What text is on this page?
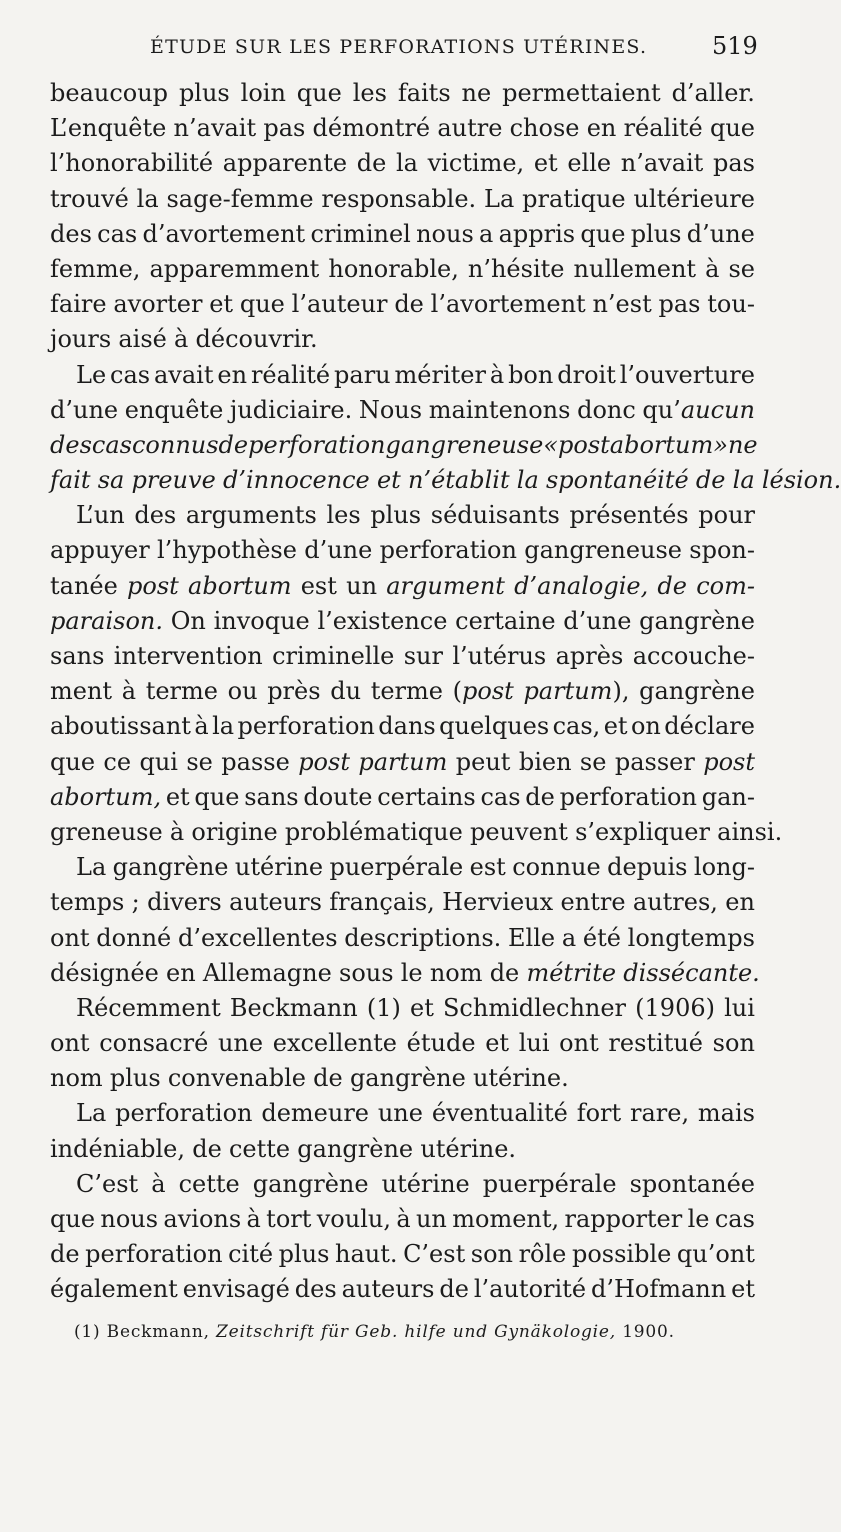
ÉTUDE SUR LES PERFORATIONS UTÉRINES.	519
beaucoup plus loin que les faits ne permettaient d’aller.
L’enquête n’avait pas démontré autre chose en réalité que
l’honorabilité apparente de la victime, et elle n’avait pas
trouvé la sage-femme responsable. La pratique ultérieure
des cas d’avortement criminel nous a appris que plus d’une
femme, apparemment honorable, n’hésite nullement à se
faire avorter et que l’auteur de l’avortement n’est pas tou-
jours aisé à découvrir.
Le cas avait en réalité paru mériter à bon droit l’ouverture
d’une enquête judiciaire. Nous maintenons donc qu’aucun
des cas connus de perforation gangreneuse « post abortum » ne
fait sa preuve d’innocence et n’établit la spontanéité de la lésion.
L’un des arguments les plus séduisants présentés pour
appuyer l’hypothèse d’une perforation gangreneuse spon-
tanée post abortum est un argument d’analogie, de com-
paraison. On invoque l’existence certaine d’une gangrène
sans intervention criminelle sur l’utérus après accouche-
ment à terme ou près du terme (post partum), gangrène
aboutissant à la perforation dans quelques cas, et on déclare
que ce qui se passe post partum peut bien se passer post
abortum, et que sans doute certains cas de perforation gan-
greneuse à origine problématique peuvent s’expliquer ainsi.
La gangrène utérine puerpérale est connue depuis long-
temps ; divers auteurs français, Hervieux entre autres, en
ont donné d’excellentes descriptions. Elle a été longtemps
désignée en Allemagne sous le nom de métrite dissécante.
Récemment Beckmann (1) et Schmidlechner (1906) lui
ont consacré une excellente étude et lui ont restitué son
nom plus convenable de gangrène utérine.
La perforation demeure une éventualité fort rare, mais
indéniable, de cette gangrène utérine.
C’est à cette gangrène utérine puerpérale spontanée
que nous avions à tort voulu, à un moment, rapporter le cas
de perforation cité plus haut. C’est son rôle possible qu’ont
également envisagé des auteurs de l’autorité d’Hofmann et
(1) Beckmann, Zeitschrift für Geb. hilfe und Gynäkologie, 1900.
